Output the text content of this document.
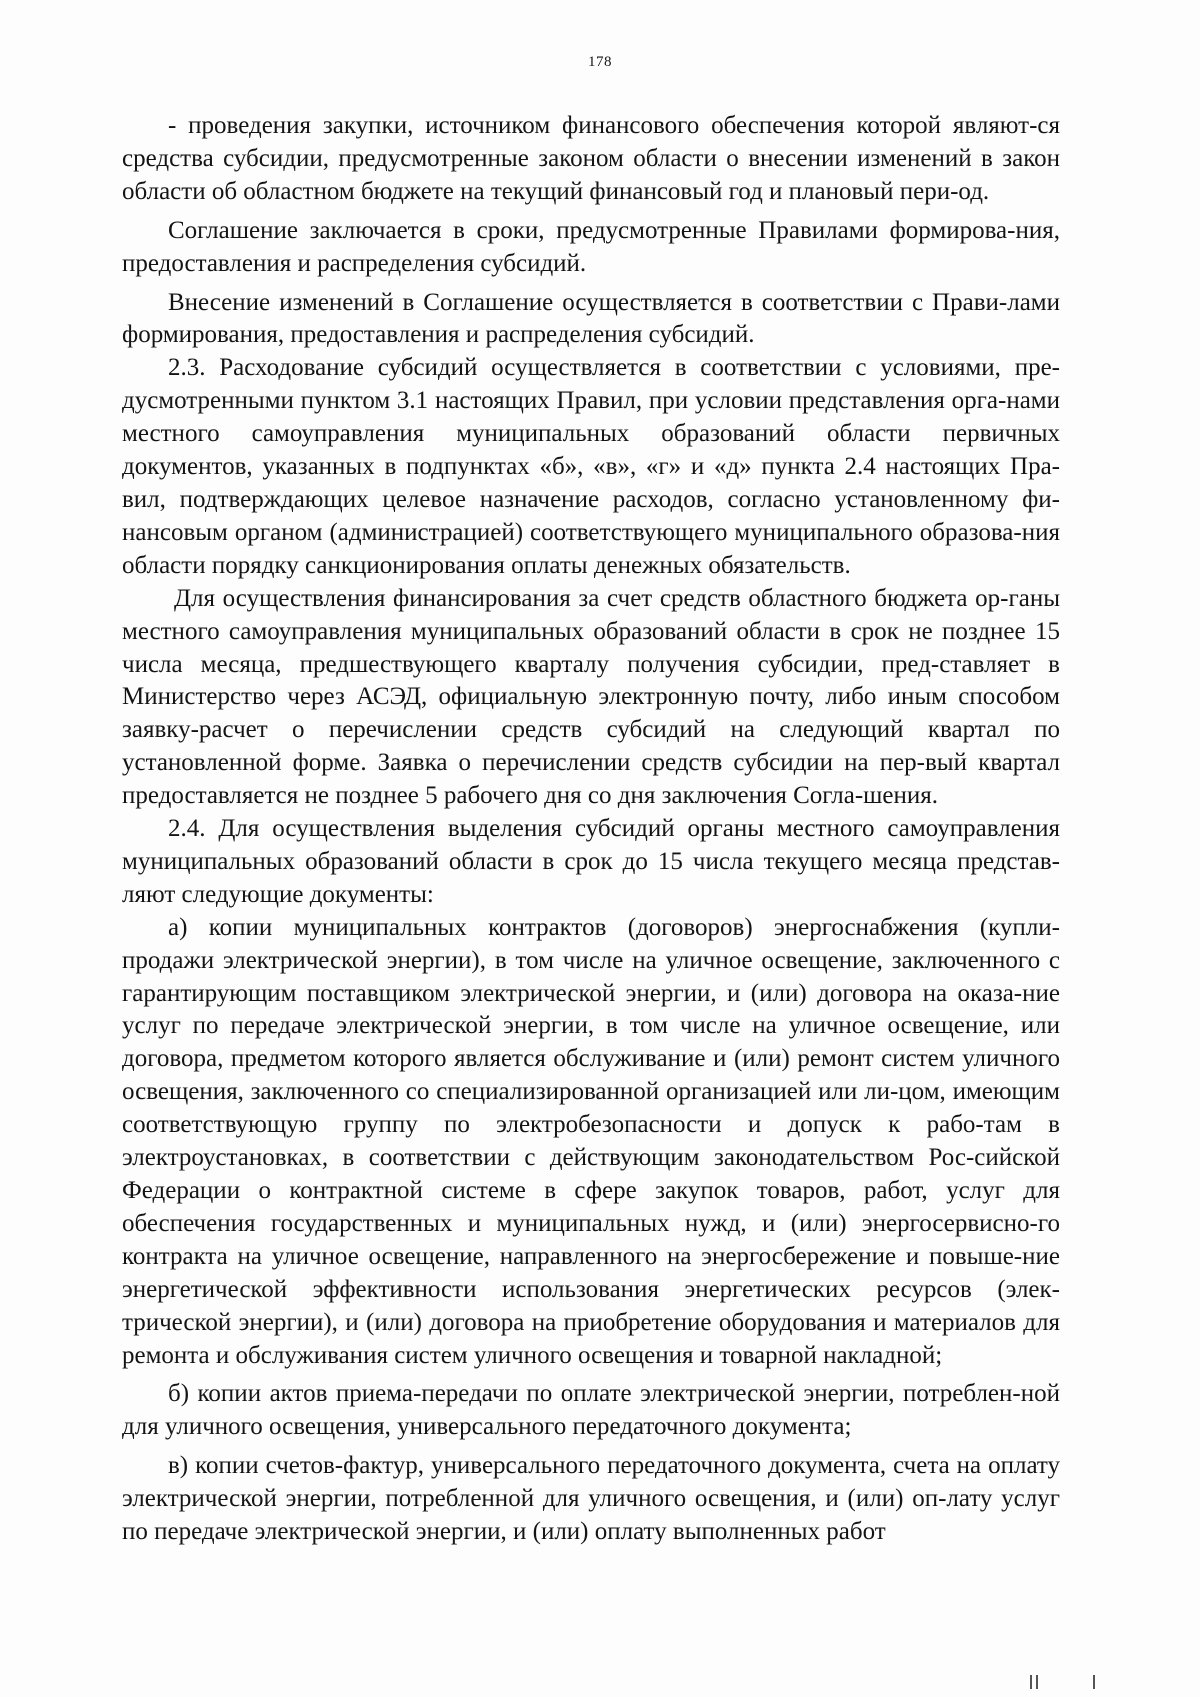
178

- проведения закупки, источником финансового обеспечения которой являют-ся средства субсидии, предусмотренные законом области о внесении изменений в закон области об областном бюджете на текущий финансовый год и плановый пери-од.

Соглашение заключается в сроки, предусмотренные Правилами формирова-ния, предоставления и распределения субсидий.

Внесение изменений в Соглашение осуществляется в соответствии с Прави-лами формирования, предоставления и распределения субсидий.

2.3. Расходование субсидий осуществляется в соответствии с условиями, пре-дусмотренными пунктом 3.1 настоящих Правил, при условии представления орга-нами местного самоуправления муниципальных образований области первичных документов, указанных в подпунктах «б», «в», «г» и «д» пункта 2.4 настоящих Пра-вил, подтверждающих целевое назначение расходов, согласно установленному фи-нансовым органом (администрацией) соответствующего муниципального образова-ния области порядку санкционирования оплаты денежных обязательств.

Для осуществления финансирования за счет средств областного бюджета ор-ганы местного самоуправления муниципальных образований области в срок не позднее 15 числа месяца, предшествующего кварталу получения субсидии, пред-ставляет в Министерство через АСЭД, официальную электронную почту, либо иным способом заявку-расчет о перечислении средств субсидий на следующий квартал по установленной форме. Заявка о перечислении средств субсидии на пер-вый квартал предоставляется не позднее 5 рабочего дня со дня заключения Согла-шения.

2.4. Для осуществления выделения субсидий органы местного самоуправления муниципальных образований области в срок до 15 числа текущего месяца представ-ляют следующие документы:

а) копии муниципальных контрактов (договоров) энергоснабжения (купли-продажи электрической энергии), в том числе на уличное освещение, заключенного с гарантирующим поставщиком электрической энергии, и (или) договора на оказа-ние услуг по передаче электрической энергии, в том числе на уличное освещение, или договора, предметом которого является обслуживание и (или) ремонт систем уличного освещения, заключенного со специализированной организацией или ли-цом, имеющим соответствующую группу по электробезопасности и допуск к рабо-там в электроустановках, в соответствии с действующим законодательством Рос-сийской Федерации о контрактной системе в сфере закупок товаров, работ, услуг для обеспечения государственных и муниципальных нужд, и (или) энергосервисно-го контракта на уличное освещение, направленного на энергосбережение и повыше-ние энергетической эффективности использования энергетических ресурсов (элек-трической энергии), и (или) договора на приобретение оборудования и материалов для ремонта и обслуживания систем уличного освещения и товарной накладной;

б) копии актов приема-передачи по оплате электрической энергии, потреблен-ной для уличного освещения, универсального передаточного документа;

в) копии счетов-фактур, универсального передаточного документа, счета на оплату электрической энергии, потребленной для уличного освещения, и (или) оп-лату услуг по передаче электрической энергии, и (или) оплату выполненных работ
